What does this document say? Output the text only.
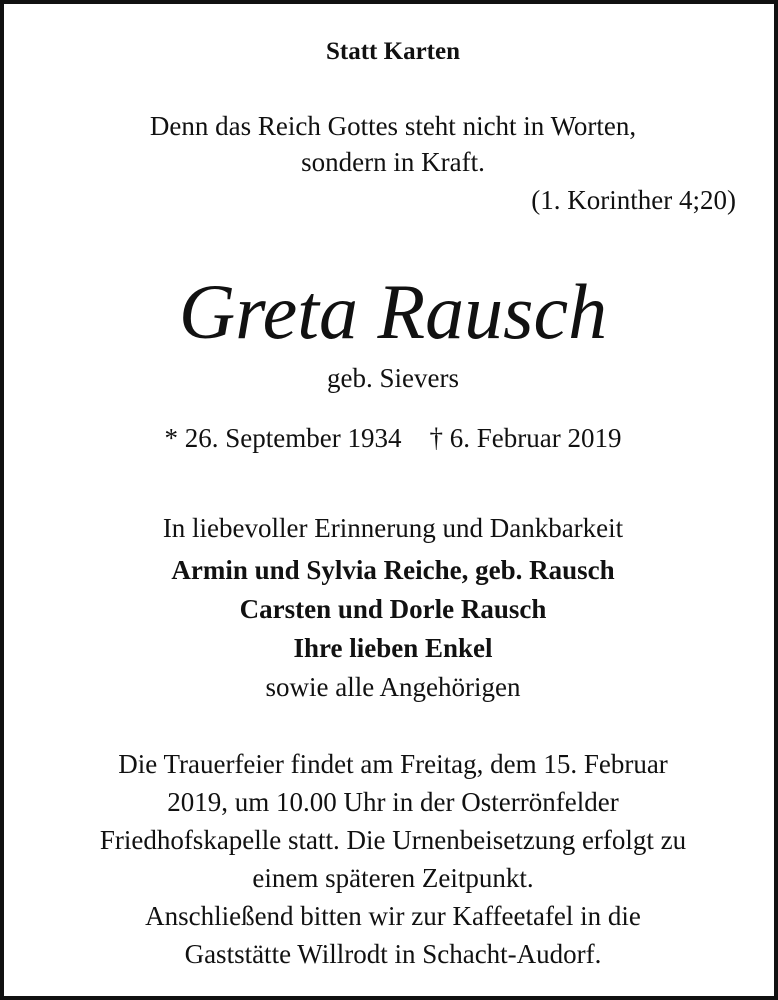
Statt Karten
Denn das Reich Gottes steht nicht in Worten,
sondern in Kraft.
(1. Korinther 4;20)
Greta Rausch
geb. Sievers
* 26. September 1934 † 6. Februar 2019
In liebevoller Erinnerung und Dankbarkeit
Armin und Sylvia Reiche, geb. Rausch
Carsten und Dorle Rausch
Ihre lieben Enkel
sowie alle Angehörigen
Die Trauerfeier findet am Freitag, dem 15. Februar
2019, um 10.00 Uhr in der Osterrönfelder
Friedhofskapelle statt. Die Urnenbeisetzung erfolgt zu
einem späteren Zeitpunkt.
Anschließend bitten wir zur Kaffeetafel in die
Gaststätte Willrodt in Schacht-Audorf.
